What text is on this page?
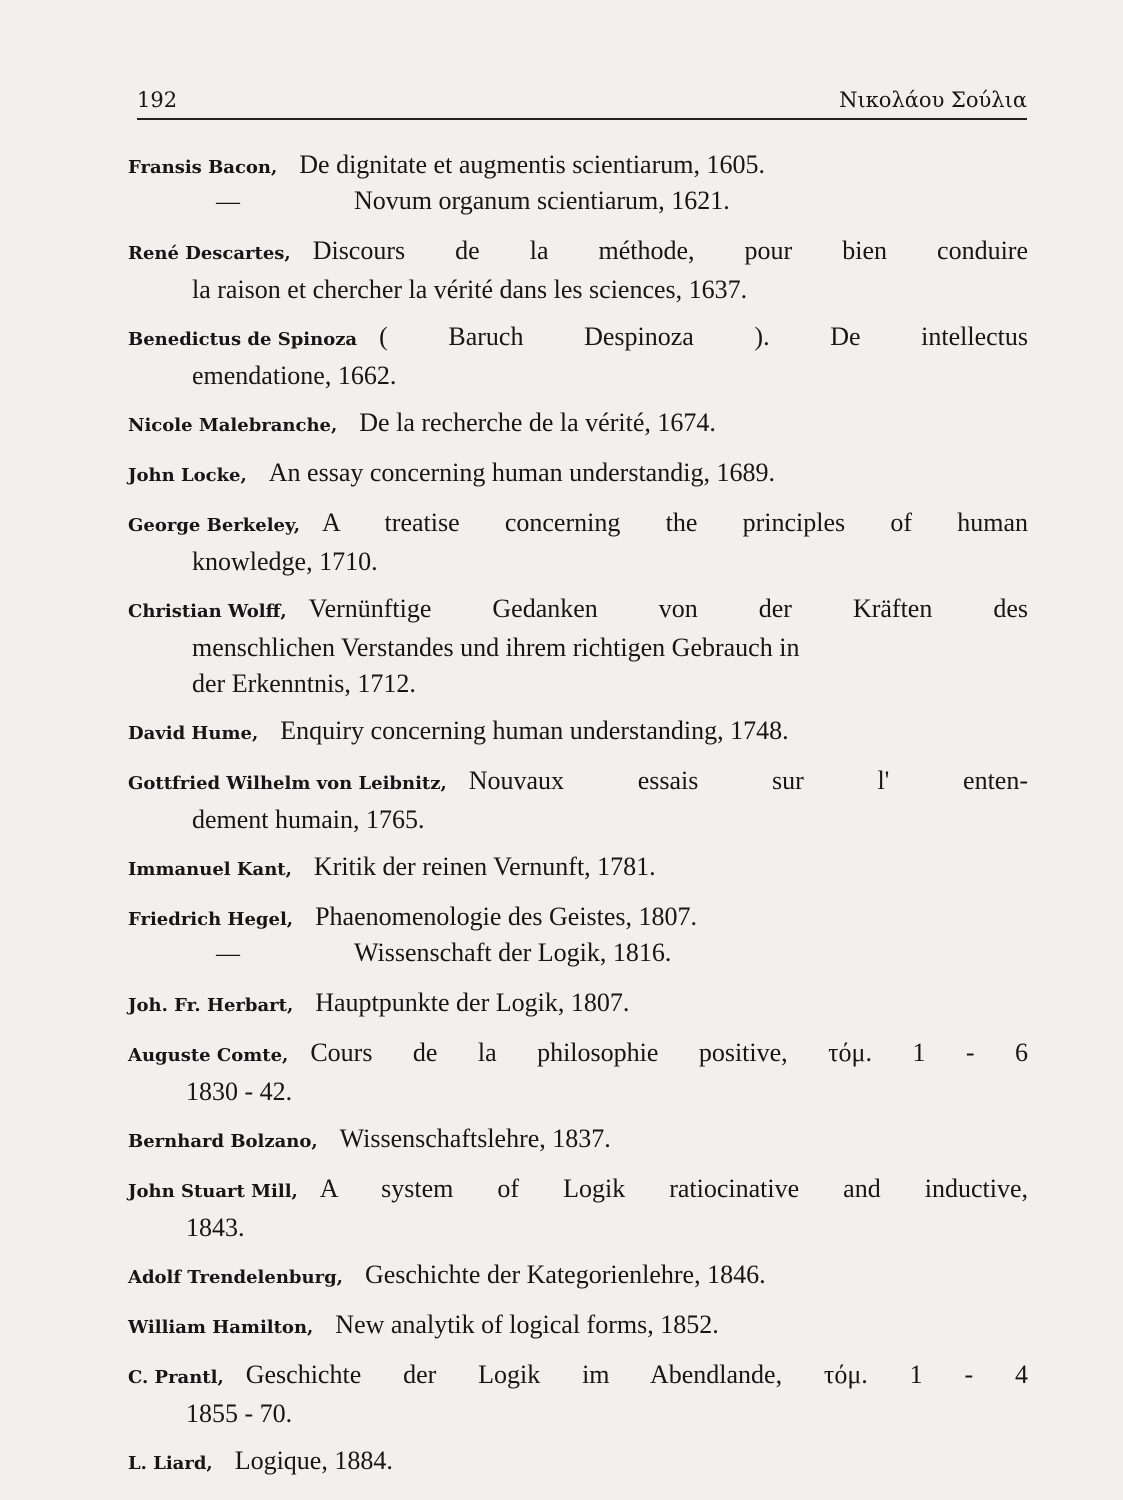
192	Νικολάου Σούλια
Fransis Bacon, De dignitate et augmentis scientiarum, 1605.
—	Novum organum scientiarum, 1621.
René Descartes, Discours de la méthode, pour bien conduire
la raison et chercher la vérité dans les sciences, 1637.
Benedictus de Spinoza ( Baruch Despinoza ). De intellectus
emendatione, 1662.
Nicole Malebranche, De la recherche de la vérité, 1674.
John Locke, An essay concerning human understandig, 1689.
George Berkeley, A treatise concerning the principles of human
knowledge, 1710.
Christian Wolff, Vernünftige Gedanken von der Kräften des
menschlichen Verstandes und ihrem richtigen Gebrauch in
der Erkenntnis, 1712.
David Hume, Enquiry concerning human understanding, 1748.
Gottfried Wilhelm von Leibnitz, Nouvaux essais sur l' enten-
dement humain, 1765.
Immanuel Kant, Kritik der reinen Vernunft, 1781.
Friedrich Hegel, Phaenomenologie des Geistes, 1807.
—	Wissenschaft der Logik, 1816.
Joh. Fr. Herbart, Hauptpunkte der Logik, 1807.
Auguste Comte, Cours de la philosophie positive, τόμ. 1 - 6
1830 - 42.
Bernhard Bolzano, Wissenschaftslehre, 1837.
John Stuart Mill, A system of Logik ratiocinative and inductive,
1843.
Adolf Trendelenburg, Geschichte der Kategorienlehre, 1846.
William Hamilton, New analytik of logical forms, 1852.
C. Prantl, Geschichte der Logik im Abendlande, τόμ. 1 - 4
1855 - 70.
L. Liard, Logique, 1884.
